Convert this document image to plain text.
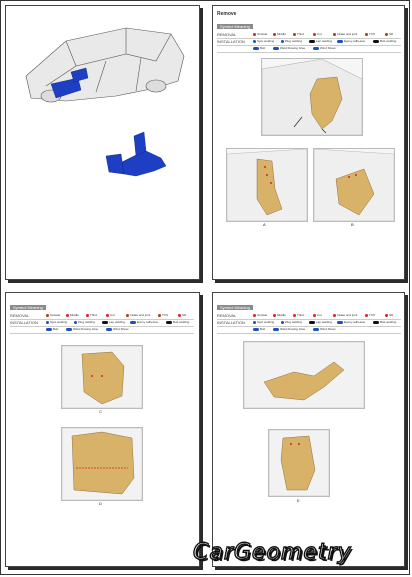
Remove
Symbol Meaning
REMOVAL	Outside	Middle	Third	Cut	Intake and joint	TCS	Sill
INSTALLATION	Spot welding	Plug welding	Lap welding	Epoxy adhesive	Butt welding
Bolt	Weld Flowing Glue	Wind Sheet
A	B
Symbol Meaning
REMOVAL	Outside	Middle	Third	Cut	Intake and joint	TCS	Sill
INSTALLATION	Spot welding	Plug welding	Lap welding	Epoxy adhesive	Butt welding
Bolt	Weld Flowing Glue	Wind Sheet
C
D
Symbol Meaning
REMOVAL	Outside	Middle	Third	Cut	Intake and joint	TCS	Sill
INSTALLATION	Spot welding	Plug welding	Lap welding	Epoxy adhesive	Butt welding
Bolt	Weld Flowing Glue	Wind Sheet
E
CarGeometry
